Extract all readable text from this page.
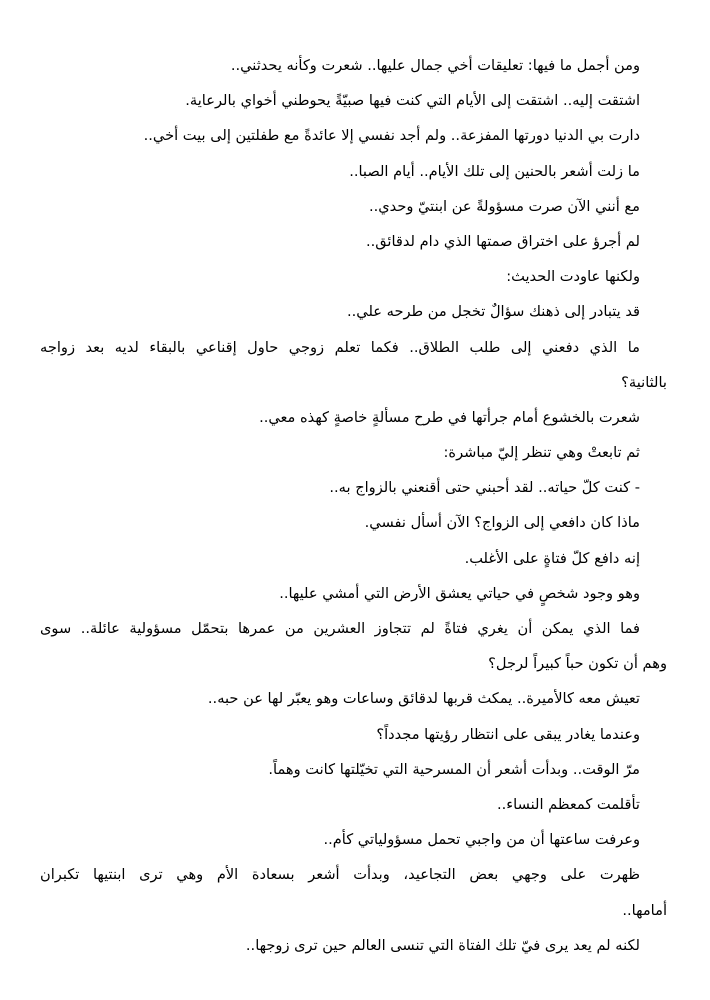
ومن أجمل ما فيها: تعليقات أخي جمال عليها.. شعرت وكأنه يحدثني..
اشتقت إليه.. اشتقت إلى الأيام التي كنت فيها صبيّةً يحوطني أخواي بالرعاية.
دارت بي الدنيا دورتها المفزعة.. ولم أجد نفسي إلا عائدةً مع طفلتين إلى بيت أخي..
ما زلت أشعر بالحنين إلى تلك الأيام.. أيام الصبا..
مع أنني الآن صرت مسؤولةً عن ابنتيّ وحدي..
لم أجرؤ على اختراق صمتها الذي دام لدقائق..
ولكنها عاودت الحديث:
قد يتبادر إلى ذهنك سؤالٌ تخجل من طرحه علي..
ما الذي دفعني إلى طلب الطلاق.. فكما تعلم زوجي حاول إقناعي بالبقاء لديه بعد زواجه
بالثانية؟
شعرت بالخشوع أمام جرأتها في طرح مسألةٍ خاصةٍ كهذه معي..
ثم تابعتْ وهي تنظر إليّ مباشرة:
- كنت كلّ حياته.. لقد أحبني حتى أقنعني بالزواج به..
ماذا كان دافعي إلى الزواج؟ الآن أسأل نفسي.
إنه دافع كلّ فتاةٍ على الأغلب.
وهو وجود شخصٍ في حياتي يعشق الأرض التي أمشي عليها..
فما الذي يمكن أن يغري فتاةً لم تتجاوز العشرين من عمرها بتحمّل مسؤولية عائلة.. سوى
وهم أن تكون حباً كبيراً لرجل؟
تعيش معه كالأميرة.. يمكث قربها لدقائق وساعات وهو يعبّر لها عن حبه..
وعندما يغادر يبقى على انتظار رؤيتها مجدداً؟
مرّ الوقت.. وبدأت أشعر أن المسرحية التي تخيّلتها كانت وهماً.
تأقلمت كمعظم النساء..
وعرفت ساعتها أن من واجبي تحمل مسؤولياتي كأم..
ظهرت على وجهي بعض التجاعيد، وبدأت أشعر بسعادة الأم وهي ترى ابنتيها تكبران
أمامها..
لكنه لم يعد يرى فيّ تلك الفتاة التي تنسى العالم حين ترى زوجها..
